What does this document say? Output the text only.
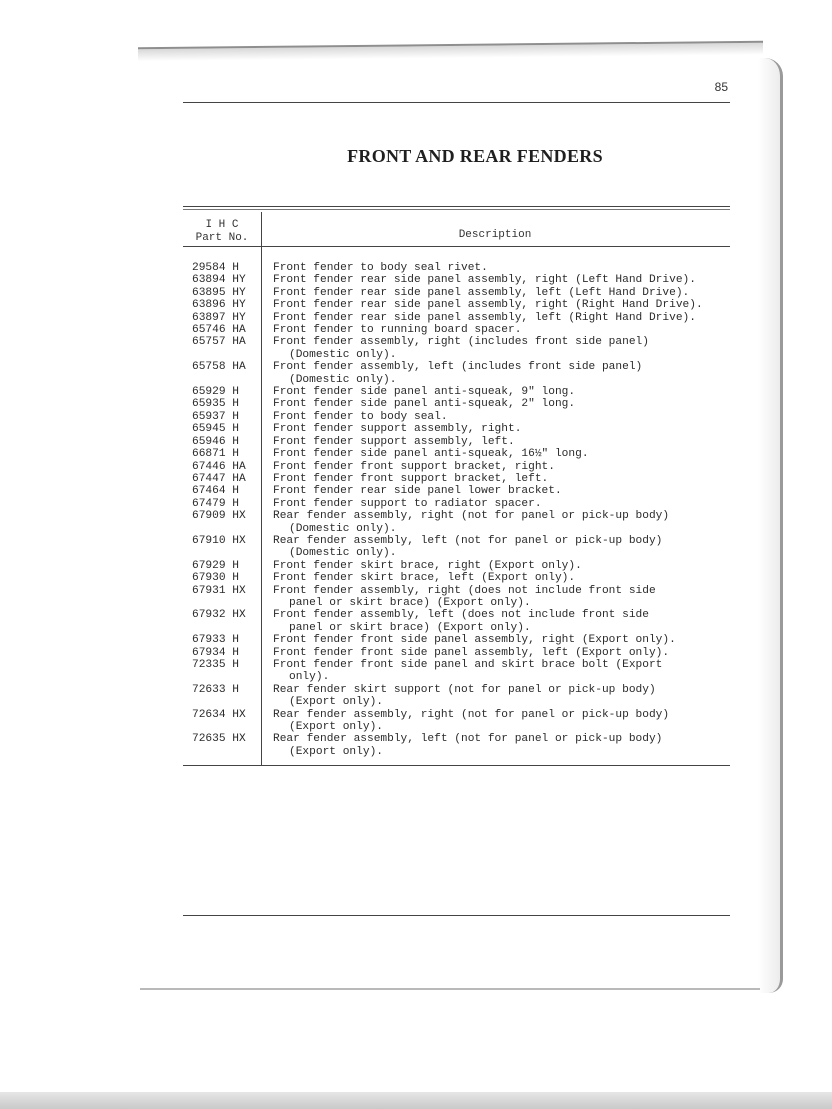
85
FRONT AND REAR FENDERS
I H C
Part No.	Description
29584 H	Front fender to body seal rivet.
63894 HY	Front fender rear side panel assembly, right (Left Hand Drive).
63895 HY	Front fender rear side panel assembly, left (Left Hand Drive).
63896 HY	Front fender rear side panel assembly, right (Right Hand Drive).
63897 HY	Front fender rear side panel assembly, left (Right Hand Drive).
65746 HA	Front fender to running board spacer.
65757 HA	Front fender assembly, right (includes front side panel)
(Domestic only).
65758 HA	Front fender assembly, left (includes front side panel)
(Domestic only).
65929 H	Front fender side panel anti-squeak, 9" long.
65935 H	Front fender side panel anti-squeak, 2" long.
65937 H	Front fender to body seal.
65945 H	Front fender support assembly, right.
65946 H	Front fender support assembly, left.
66871 H	Front fender side panel anti-squeak, 16½" long.
67446 HA	Front fender front support bracket, right.
67447 HA	Front fender front support bracket, left.
67464 H	Front fender rear side panel lower bracket.
67479 H	Front fender support to radiator spacer.
67909 HX	Rear fender assembly, right (not for panel or pick-up body)
(Domestic only).
67910 HX	Rear fender assembly, left (not for panel or pick-up body)
(Domestic only).
67929 H	Front fender skirt brace, right (Export only).
67930 H	Front fender skirt brace, left (Export only).
67931 HX	Front fender assembly, right (does not include front side
panel or skirt brace) (Export only).
67932 HX	Front fender assembly, left (does not include front side
panel or skirt brace) (Export only).
67933 H	Front fender front side panel assembly, right (Export only).
67934 H	Front fender front side panel assembly, left (Export only).
72335 H	Front fender front side panel and skirt brace bolt (Export
only).
72633 H	Rear fender skirt support (not for panel or pick-up body)
(Export only).
72634 HX	Rear fender assembly, right (not for panel or pick-up body)
(Export only).
72635 HX	Rear fender assembly, left (not for panel or pick-up body)
(Export only).
